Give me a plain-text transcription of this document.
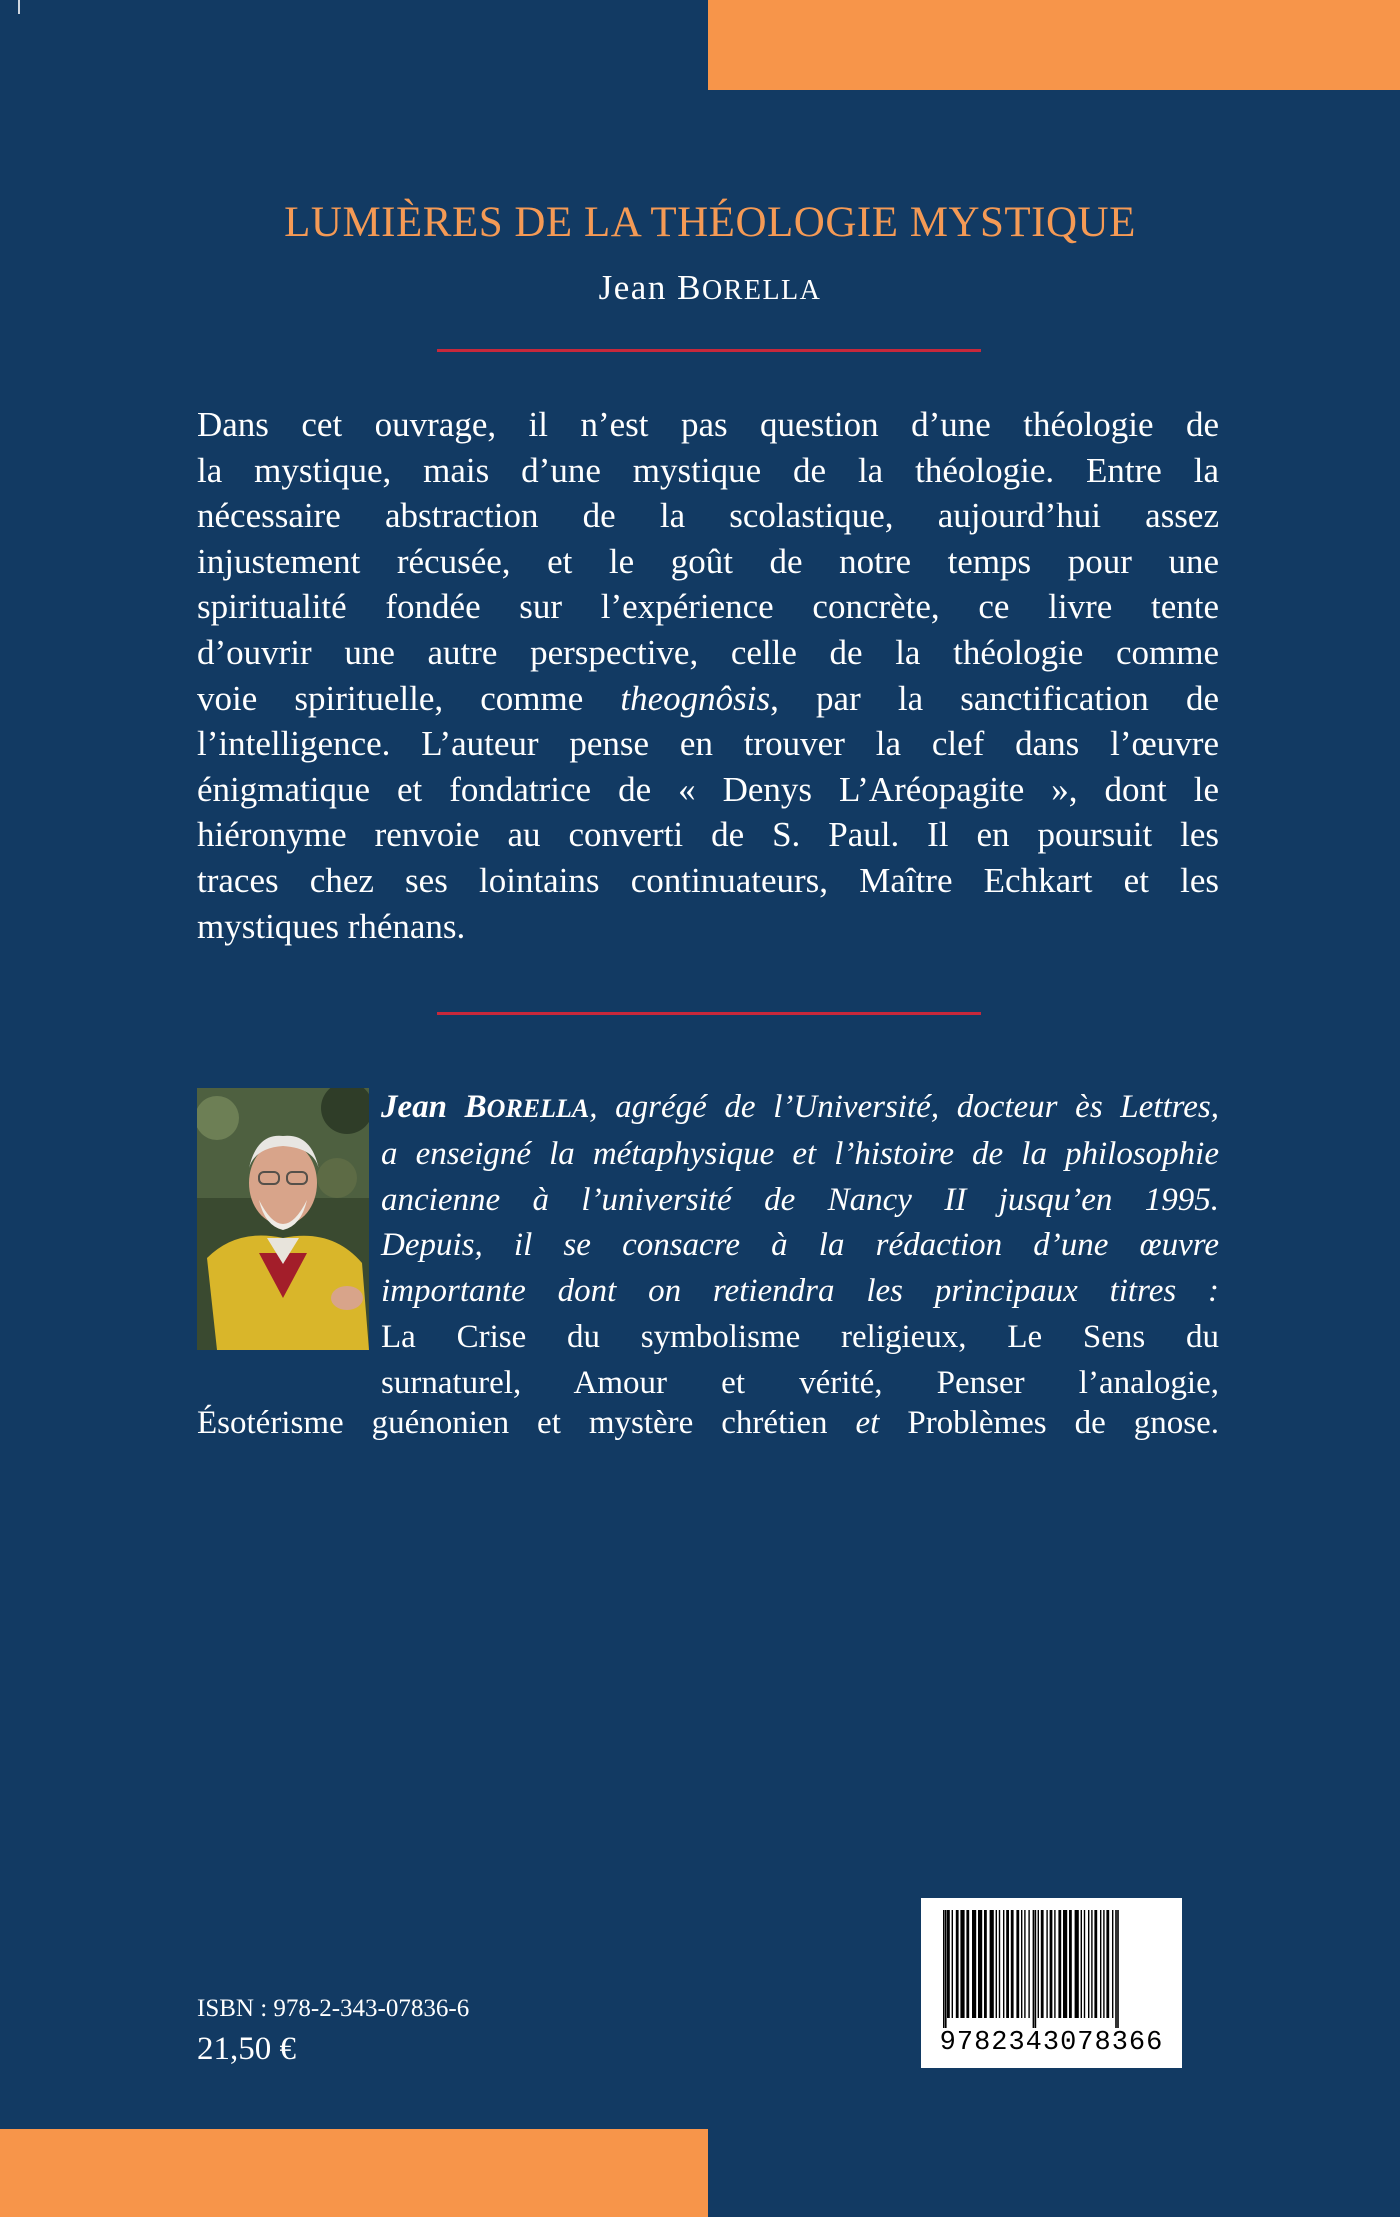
LUMIÈRES DE LA THÉOLOGIE MYSTIQUE
Jean BORELLA
Dans cet ouvrage, il n’est pas question d’une théologie de
la mystique, mais d’une mystique de la théologie. Entre la
nécessaire abstraction de la scolastique, aujourd’hui assez
injustement récusée, et le goût de notre temps pour une
spiritualité fondée sur l’expérience concrète, ce livre tente
d’ouvrir une autre perspective, celle de la théologie comme
voie spirituelle, comme theognôsis, par la sanctification de
l’intelligence. L’auteur pense en trouver la clef dans l’œuvre
énigmatique et fondatrice de « Denys L’Aréopagite », dont le
hiéronyme renvoie au converti de S. Paul. Il en poursuit les
traces chez ses lointains continuateurs, Maître Echkart et les
mystiques rhénans.
Jean BORELLA, agrégé de l’Université, docteur ès Lettres,
a enseigné la métaphysique et l’histoire de la philosophie
ancienne à l’université de Nancy II jusqu’en 1995.
Depuis, il se consacre à la rédaction d’une œuvre
importante dont on retiendra les principaux titres :
La Crise du symbolisme religieux, Le Sens du
surnaturel, Amour et vérité, Penser l’analogie,
Ésotérisme guénonien et mystère chrétien et Problèmes de gnose.
ISBN : 978-2-343-07836-6
21,50 €	9782343078366
